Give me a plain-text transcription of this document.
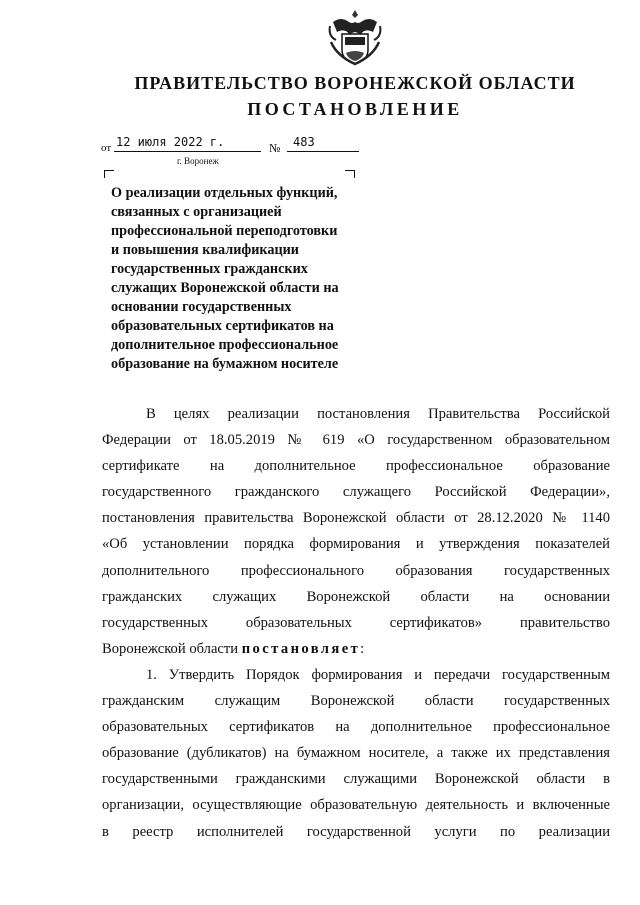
ПРАВИТЕЛЬСТВО ВОРОНЕЖСКОЙ ОБЛАСТИ
ПОСТАНОВЛЕНИЕ
от 12 июля 2022 г.	№	483
г. Воронеж
О реализации отдельных функций,
связанных с организацией
профессиональной переподготовки
и повышения квалификации
государственных гражданских
служащих Воронежской области на
основании государственных
образовательных сертификатов на
дополнительное профессиональное
образование на бумажном носителе
В целях реализации постановления Правительства Российской
Федерации от 18.05.2019 № 619 «О государственном образовательном
сертификате на дополнительное профессиональное образование
государственного гражданского служащего Российской Федерации»,
постановления правительства Воронежской области от 28.12.2020 № 1140
«Об установлении порядка формирования и утверждения показателей
дополнительного профессионального образования государственных
гражданских служащих Воронежской области на основании
государственных образовательных сертификатов» правительство
Воронежской области постановляет:
1. Утвердить Порядок формирования и передачи государственным
гражданским служащим Воронежской области государственных
образовательных сертификатов на дополнительное профессиональное
образование (дубликатов) на бумажном носителе, а также их представления
государственными гражданскими служащими Воронежской области в
организации, осуществляющие образовательную деятельность и включенные
в реестр исполнителей государственной услуги по реализации
